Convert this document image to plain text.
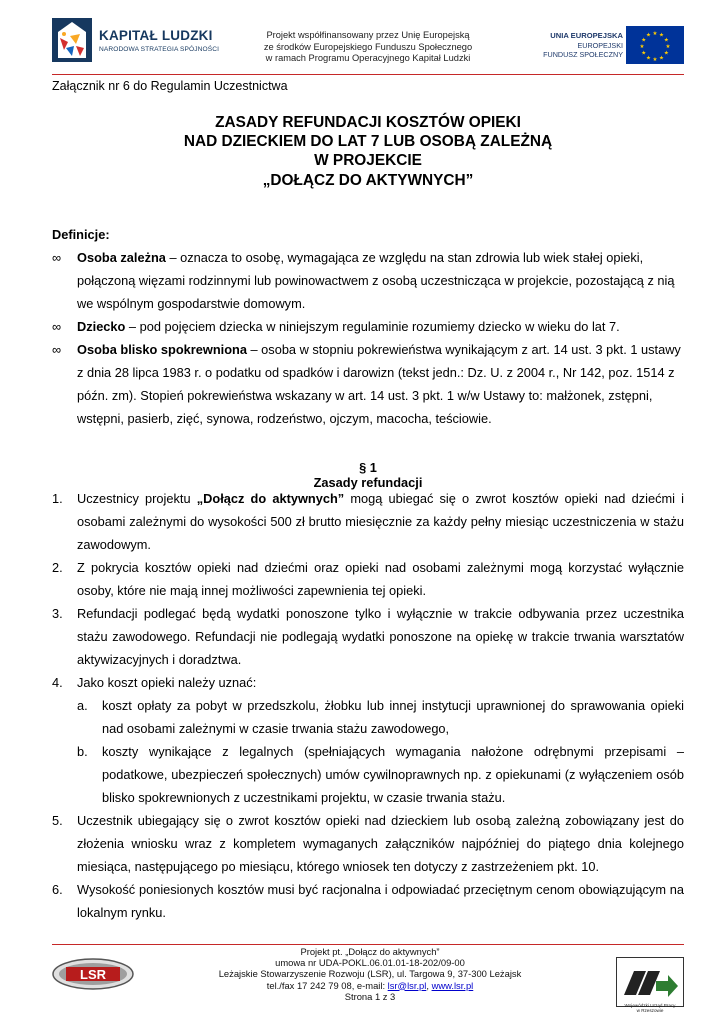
KAPITAŁ LUDZKI
NARODOWA STRATEGIA SPÓJNOŚCI
Projekt współfinansowany przez Unię Europejską
ze środków Europejskiego Funduszu Społecznego
w ramach Programu Operacyjnego Kapitał Ludzki
UNIA EUROPEJSKA
EUROPEJSKI
FUNDUSZ SPOŁECZNY
★ ★
★
★
★
★
★
★
★
★
★
★
Załącznik nr 6 do Regulamin Uczestnictwa
ZASADY REFUNDACJI KOSZTÓW OPIEKI
NAD DZIECKIEM DO LAT 7 LUB OSOBĄ ZALEŻNĄ
W PROJEKCIE
„DOŁĄCZ DO AKTYWNYCH”
Definicje:
∞	Osoba zależna – oznacza to osobę, wymagająca ze względu na stan zdrowia lub wiek stałej opieki, połączoną więzami rodzinnymi lub powinowactwem z osobą uczestnicząca w projekcie, pozostającą z nią we wspólnym gospodarstwie domowym.
∞	Dziecko – pod pojęciem dziecka w niniejszym regulaminie rozumiemy dziecko w wieku do lat 7.
∞	Osoba blisko spokrewniona – osoba w stopniu pokrewieństwa wynikającym z art. 14 ust. 3 pkt. 1 ustawy z dnia 28 lipca 1983 r. o podatku od spadków i darowizn (tekst jedn.: Dz. U. z 2004 r., Nr 142, poz. 1514 z późn. zm). Stopień pokrewieństwa wskazany w art. 14 ust. 3 pkt. 1 w/w Ustawy to: małżonek, zstępni, wstępni, pasierb, zięć, synowa, rodzeństwo, ojczym, macocha, teściowie.
§ 1
Zasady refundacji
1. Uczestnicy projektu „Dołącz do aktywnych” mogą ubiegać się o zwrot kosztów opieki nad dziećmi i osobami zależnymi do wysokości 500 zł brutto miesięcznie za każdy pełny miesiąc uczestniczenia w stażu zawodowym.
2. Z pokrycia kosztów opieki nad dziećmi oraz opieki nad osobami zależnymi mogą korzystać wyłącznie osoby, które nie mają innej możliwości zapewnienia tej opieki.
3. Refundacji podlegać będą wydatki ponoszone tylko i wyłącznie w trakcie odbywania przez uczestnika stażu zawodowego. Refundacji nie podlegają wydatki ponoszone na opiekę w trakcie trwania warsztatów aktywizacyjnych i doradztwa.
4. Jako koszt opieki należy uznać:
a. koszt opłaty za pobyt w przedszkolu, żłobku lub innej instytucji uprawnionej do sprawowania opieki nad osobami zależnymi w czasie trwania stażu zawodowego,
b. koszty wynikające z legalnych (spełniających wymagania nałożone odrębnymi przepisami – podatkowe, ubezpieczeń społecznych) umów cywilnoprawnych np. z opiekunami (z wyłączeniem osób blisko spokrewnionych z uczestnikami projektu, w czasie trwania stażu.
5. Uczestnik ubiegający się o zwrot kosztów opieki nad dzieckiem lub osobą zależną zobowiązany jest do złożenia wniosku wraz z kompletem wymaganych załączników najpóźniej do piątego dnia kolejnego miesiąca, następującego po miesiącu, którego wniosek ten dotyczy z zastrzeżeniem pkt. 10.
6. Wysokość poniesionych kosztów musi być racjonalna i odpowiadać przeciętnym cenom obowiązującym na lokalnym rynku.
LSR
Projekt pt. „Dołącz do aktywnych”
umowa nr UDA-POKL.06.01.01-18-202/09-00
Leżajskie Stowarzyszenie Rozwoju (LSR), ul. Targowa 9, 37-300 Leżajsk
tel./fax 17 242 79 08, e-mail: lsr@lsr.pl, www.lsr.pl
Strona 1 z 3
Wojewódzki Urząd Pracy
w Rzeszowie
